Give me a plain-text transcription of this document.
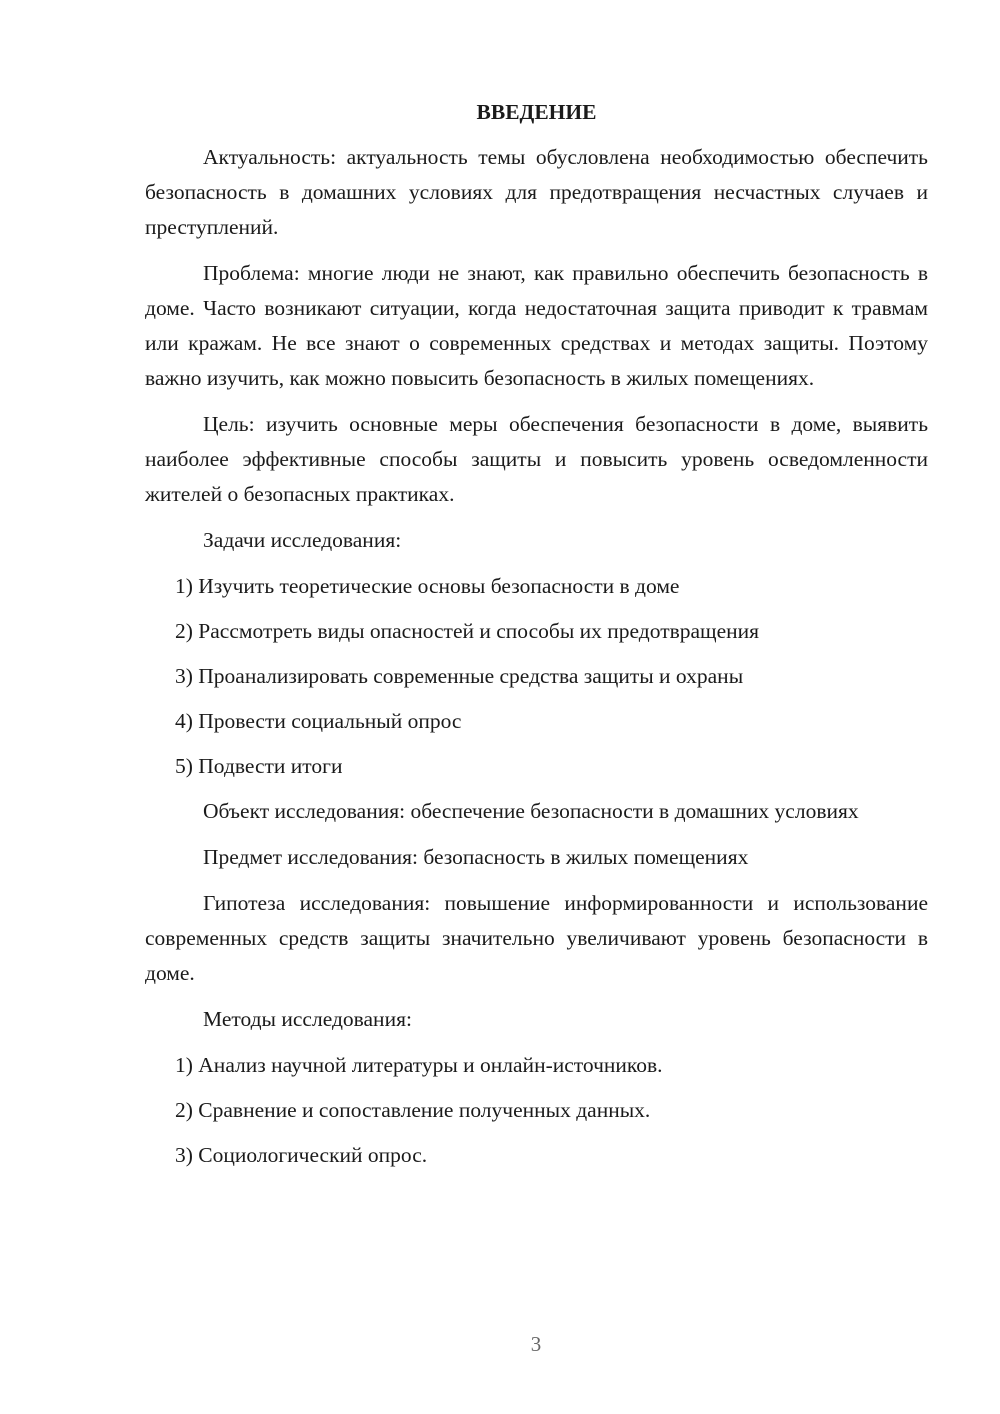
ВВЕДЕНИЕ

Актуальность: актуальность темы обусловлена необходимостью обеспечить безопасность в домашних условиях для предотвращения несчастных случаев и преступлений.

Проблема: многие люди не знают, как правильно обеспечить безопасность в доме. Часто возникают ситуации, когда недостаточная защита приводит к травмам или кражам. Не все знают о современных средствах и методах защиты. Поэтому важно изучить, как можно повысить безопасность в жилых помещениях.

Цель: изучить основные меры обеспечения безопасности в доме, выявить наиболее эффективные способы защиты и повысить уровень осведомленности жителей о безопасных практиках.

Задачи исследования:

1) Изучить теоретические основы безопасности в доме
2) Рассмотреть виды опасностей и способы их предотвращения
3) Проанализировать современные средства защиты и охраны
4) Провести социальный опрос
5) Подвести итоги

Объект исследования: обеспечение безопасности в домашних условиях

Предмет исследования: безопасность в жилых помещениях

Гипотеза исследования: повышение информированности и использование современных средств защиты значительно увеличивают уровень безопасности в доме.

Методы исследования:

1) Анализ научной литературы и онлайн-источников.
2) Сравнение и сопоставление полученных данных.
3) Социологический опрос.
3
